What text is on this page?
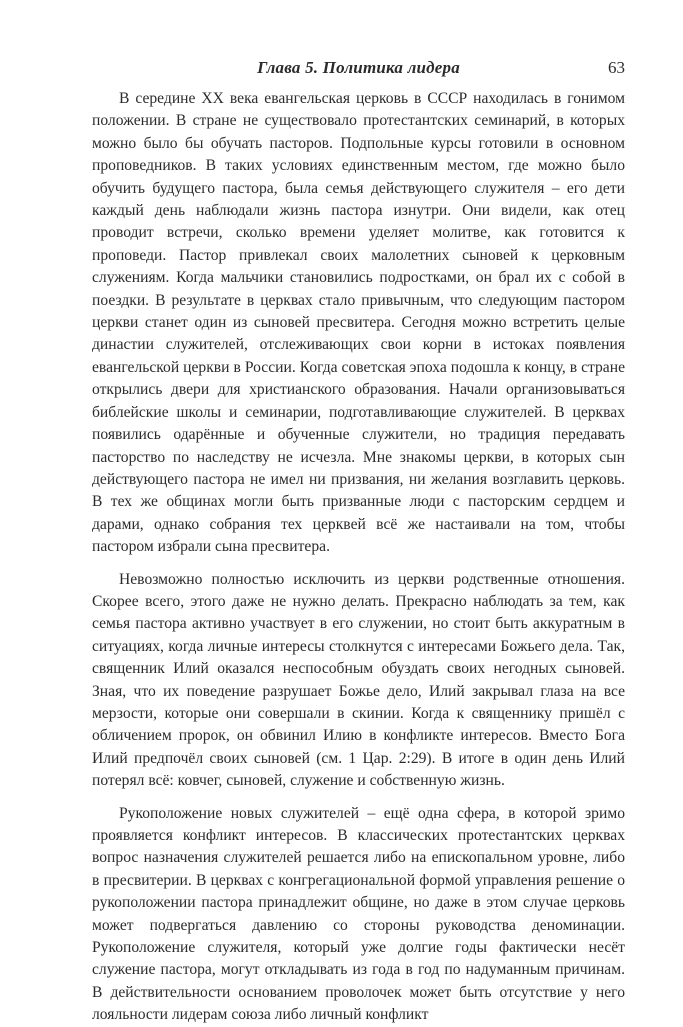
Глава 5. Политика лидера	63

В середине XX века евангельская церковь в СССР находилась в гонимом положении. В стране не существовало протестантских семинарий, в которых можно было бы обучать пасторов. Подпольные курсы готовили в основном проповедников. В таких условиях единственным местом, где можно было обучить будущего пастора, была семья действующего служителя – его дети каждый день наблюдали жизнь пастора изнутри. Они видели, как отец проводит встречи, сколько времени уделяет молитве, как готовится к проповеди. Пастор привлекал своих малолетних сыновей к церковным служениям. Когда мальчики становились подростками, он брал их с собой в поездки. В результате в церквах стало привычным, что следующим пастором церкви станет один из сыновей пресвитера. Сегодня можно встретить целые династии служителей, отслеживающих свои корни в истоках появления евангельской церкви в России. Когда советская эпоха подошла к концу, в стране открылись двери для христианского образования. Начали организовываться библейские школы и семинарии, подготавливающие служителей. В церквах появились одарённые и обученные служители, но традиция передавать пасторство по наследству не исчезла. Мне знакомы церкви, в которых сын действующего пастора не имел ни призвания, ни желания возглавить церковь. В тех же общинах могли быть призванные люди с пасторским сердцем и дарами, однако собрания тех церквей всё же настаивали на том, чтобы пастором избрали сына пресвитера.

Невозможно полностью исключить из церкви родственные отношения. Скорее всего, этого даже не нужно делать. Прекрасно наблюдать за тем, как семья пастора активно участвует в его служении, но стоит быть аккуратным в ситуациях, когда личные интересы столкнутся с интересами Божьего дела. Так, священник Илий оказался неспособным обуздать своих негодных сыновей. Зная, что их поведение разрушает Божье дело, Илий закрывал глаза на все мерзости, которые они совершали в скинии. Когда к священнику пришёл с обличением пророк, он обвинил Илию в конфликте интересов. Вместо Бога Илий предпочёл своих сыновей (см. 1 Цар. 2:29). В итоге в один день Илий потерял всё: ковчег, сыновей, служение и собственную жизнь.

Рукоположение новых служителей – ещё одна сфера, в которой зримо проявляется конфликт интересов. В классических протестантских церквах вопрос назначения служителей решается либо на епископальном уровне, либо в пресвитерии. В церквах с конгрегациональной формой управления решение о рукоположении пастора принадлежит общине, но даже в этом случае церковь может подвергаться давлению со стороны руководства деноминации. Рукоположение служителя, который уже долгие годы фактически несёт служение пастора, могут откладывать из года в год по надуманным причинам. В действительности основанием проволочек может быть отсутствие у него лояльности лидерам союза либо личный конфликт
